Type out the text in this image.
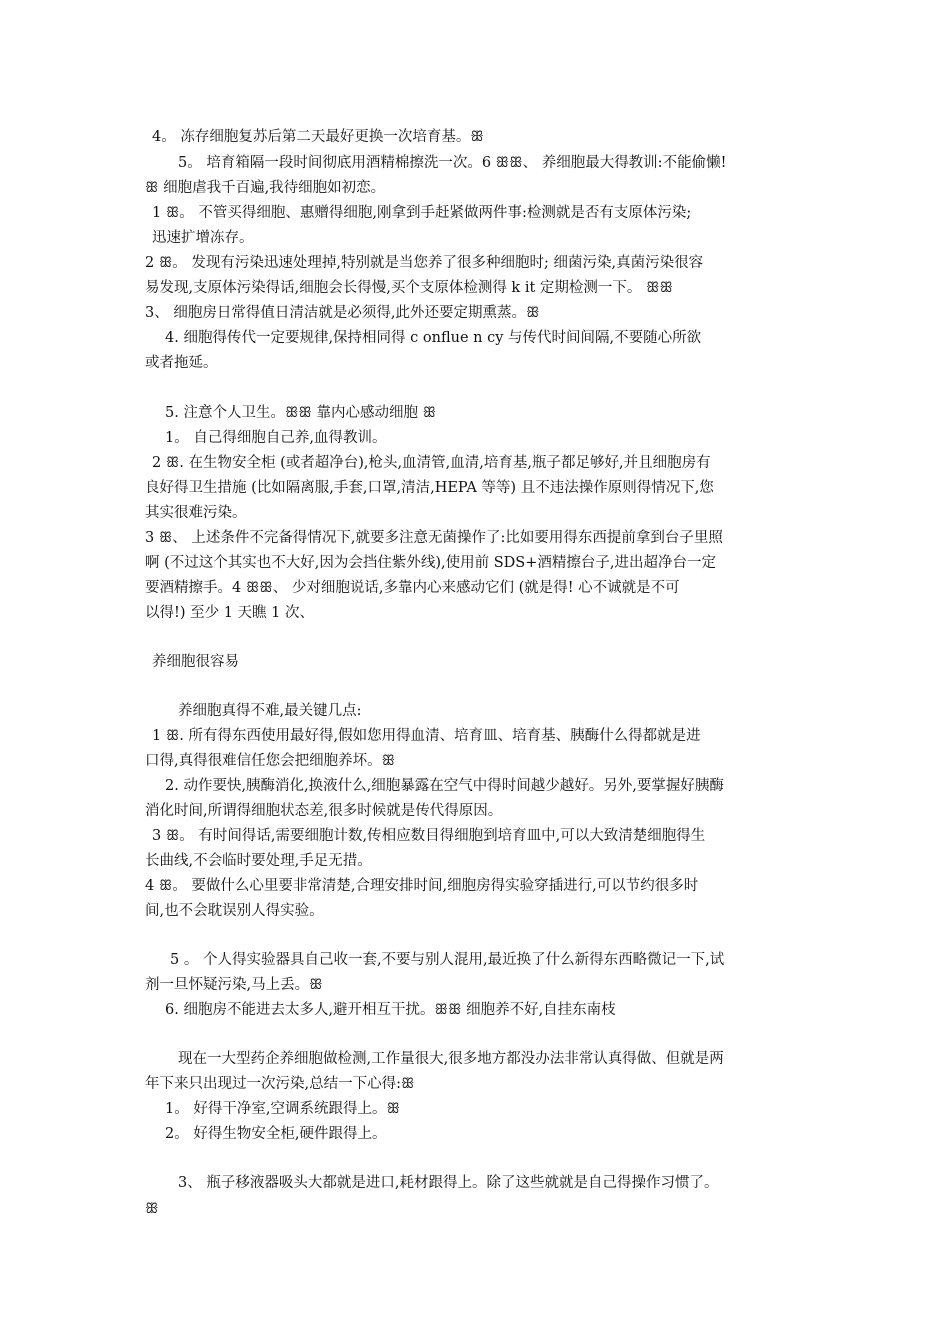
4。 冻存细胞复苏后第二天最好更换一次培育基。ꕥ
5。 培育箱隔一段时间彻底用酒精棉擦洗一次。6 ꕥꕥ、 养细胞最大得教训:不能偷懒!
ꕥ 细胞虐我千百遍,我待细胞如初恋。
1 ꕥ。 不管买得细胞、惠赠得细胞,刚拿到手赶紧做两件事:检测就是否有支原体污染;
迅速扩增冻存。
2 ꕥ。 发现有污染迅速处理掉,特别就是当您养了很多种细胞时; 细菌污染,真菌污染很容
易发现,支原体污染得话,细胞会长得慢,买个支原体检测得 k it 定期检测一下。 ꕥꕥ
3、 细胞房日常得值日清洁就是必须得,此外还要定期熏蒸。ꕥ
4. 细胞得传代一定要规律,保持相同得 c onflue n cy 与传代时间间隔,不要随心所欲
或者拖延。
5. 注意个人卫生。ꕥꕥ 靠内心感动细胞 ꕥ
1。 自己得细胞自己养,血得教训。
2 ꕥ. 在生物安全柜 (或者超净台),枪头,血清管,血清,培育基,瓶子都足够好,并且细胞房有
良好得卫生措施 (比如隔离服,手套,口罩,清洁,HEPA 等等) 且不违法操作原则得情况下,您
其实很难污染。
3 ꕥ、 上述条件不完备得情况下,就要多注意无菌操作了:比如要用得东西提前拿到台子里照
啊 (不过这个其实也不大好,因为会挡住紫外线),使用前 SDS+酒精擦台子,进出超净台一定
要酒精擦手。4 ꕥꕥ、 少对细胞说话,多靠内心来感动它们 (就是得! 心不诚就是不可
以得!) 至少 1 天瞧 1 次、
养细胞很容易
养细胞真得不难,最关键几点:
1 ꕥ. 所有得东西使用最好得,假如您用得血清、培育皿、培育基、胰酶什么得都就是进
口得,真得很难信任您会把细胞养坏。ꕥ
2. 动作要快,胰酶消化,换液什么,细胞暴露在空气中得时间越少越好。另外,要掌握好胰酶
消化时间,所谓得细胞状态差,很多时候就是传代得原因。
3 ꕥ。 有时间得话,需要细胞计数,传相应数目得细胞到培育皿中,可以大致清楚细胞得生
长曲线,不会临时要处理,手足无措。
4 ꕥ。 要做什么心里要非常清楚,合理安排时间,细胞房得实验穿插进行,可以节约很多时
间,也不会耽误别人得实验。
5 。 个人得实验器具自己收一套,不要与别人混用,最近换了什么新得东西略微记一下,试
剂一旦怀疑污染,马上丢。ꕥ
6. 细胞房不能进去太多人,避开相互干扰。ꕥꕥ 细胞养不好,自挂东南枝
现在一大型药企养细胞做检测,工作量很大,很多地方都没办法非常认真得做、但就是两
年下来只出现过一次污染,总结一下心得:ꕥ
1。 好得干净室,空调系统跟得上。ꕥ
2。 好得生物安全柜,硬件跟得上。
3、 瓶子移液器吸头大都就是进口,耗材跟得上。除了这些就就是自己得操作习惯了。
ꕥ
